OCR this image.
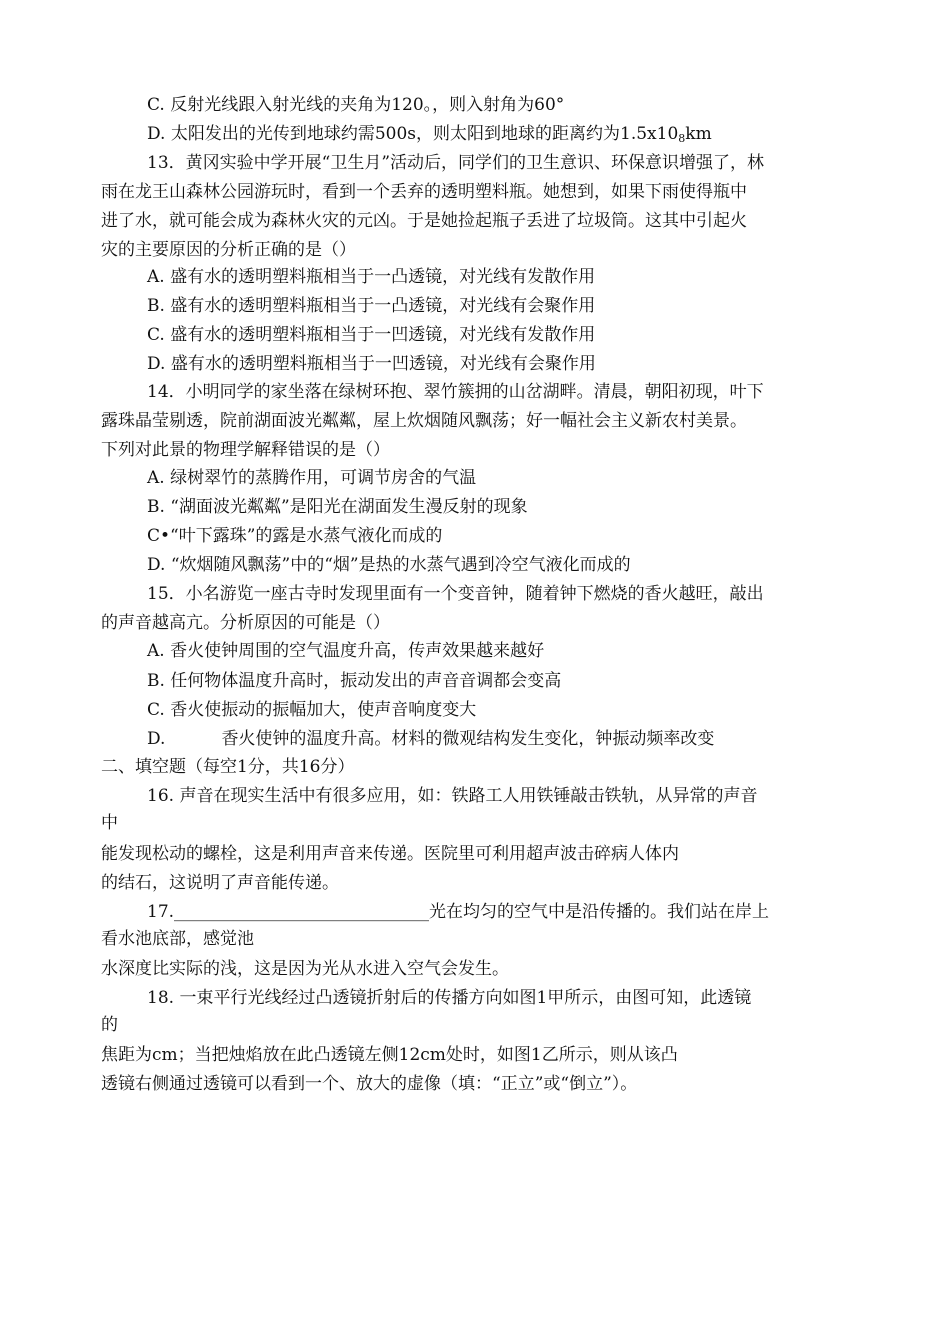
C. 反射光线跟入射光线的夹角为120。，则入射角为60°
D. 太阳发出的光传到地球约需500s，则太阳到地球的距离约为1.5x108km
13．黄冈实验中学开展“卫生月”活动后，同学们的卫生意识、环保意识增强了，林
雨在龙王山森林公园游玩时，看到一个丢弃的透明塑料瓶。她想到，如果下雨使得瓶中
进了水，就可能会成为森林火灾的元凶。于是她捡起瓶子丢进了垃圾筒。这其中引起火
灾的主要原因的分析正确的是（）
A. 盛有水的透明塑料瓶相当于一凸透镜，对光线有发散作用
B. 盛有水的透明塑料瓶相当于一凸透镜，对光线有会聚作用
C. 盛有水的透明塑料瓶相当于一凹透镜，对光线有发散作用
D. 盛有水的透明塑料瓶相当于一凹透镜，对光线有会聚作用
14．小明同学的家坐落在绿树环抱、翠竹簇拥的山岔湖畔。清晨，朝阳初现，叶下
露珠晶莹剔透，院前湖面波光粼粼，屋上炊烟随风飘荡；好一幅社会主义新农村美景。
下列对此景的物理学解释错误的是（）
A. 绿树翠竹的蒸腾作用，可调节房舍的气温
B. “湖面波光粼粼”是阳光在湖面发生漫反射的现象
C•“叶下露珠”的露是水蒸气液化而成的
D. “炊烟随风飘荡”中的“烟”是热的水蒸气遇到冷空气液化而成的
15．小名游览一座古寺时发现里面有一个变音钟，随着钟下燃烧的香火越旺，敲出
的声音越高亢。分析原因的可能是（）
A. 香火使钟周围的空气温度升高，传声效果越来越好
B. 任何物体温度升高时，振动发出的声音音调都会变高
C. 香火使振动的振幅加大，使声音响度变大
D.	香火使钟的温度升高。材料的微观结构发生变化，钟振动频率改变
二、填空题（每空1分，共16分）
16. 声音在现实生活中有很多应用，如：铁路工人用铁锤敲击铁轨，从异常的声音
中
能发现松动的螺栓，这是利用声音来传递。医院里可利用超声波击碎病人体内
的结石，这说明了声音能传递。
17.______________________________光在均匀的空气中是沿传播的。我们站在岸上
看水池底部，感觉池
水深度比实际的浅，这是因为光从水进入空气会发生。
18. 一束平行光线经过凸透镜折射后的传播方向如图1甲所示，由图可知，此透镜
的
焦距为cm；当把烛焰放在此凸透镜左侧12cm处时，如图1乙所示，则从该凸
透镜右侧通过透镜可以看到一个、放大的虚像（填：“正立”或“倒立”）。
